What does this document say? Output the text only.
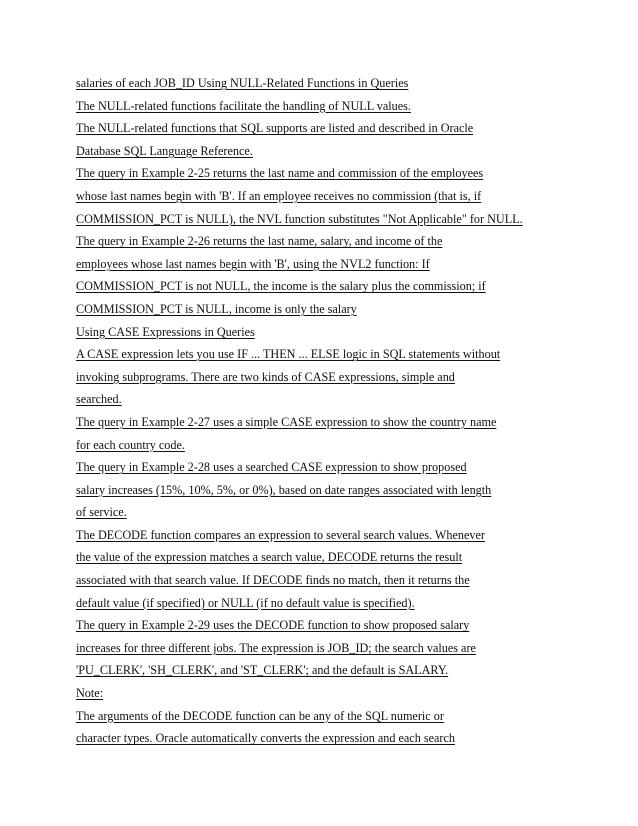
salaries of each JOB_ID Using NULL-Related Functions in Queries
The NULL-related functions facilitate the handling of NULL values.
The NULL-related functions that SQL supports are listed and described in Oracle
Database SQL Language Reference.
The query in Example 2-25 returns the last name and commission of the employees
whose last names begin with 'B'. If an employee receives no commission (that is, if
COMMISSION_PCT is NULL), the NVL function substitutes "Not Applicable" for NULL.
The query in Example 2-26 returns the last name, salary, and income of the
employees whose last names begin with 'B', using the NVL2 function: If
COMMISSION_PCT is not NULL, the income is the salary plus the commission; if
COMMISSION_PCT is NULL, income is only the salary
Using CASE Expressions in Queries
A CASE expression lets you use IF ... THEN ... ELSE logic in SQL statements without
invoking subprograms. There are two kinds of CASE expressions, simple and
searched.
The query in Example 2-27 uses a simple CASE expression to show the country name
for each country code.
The query in Example 2-28 uses a searched CASE expression to show proposed
salary increases (15%, 10%, 5%, or 0%), based on date ranges associated with length
of service.
The DECODE function compares an expression to several search values. Whenever
the value of the expression matches a search value, DECODE returns the result
associated with that search value. If DECODE finds no match, then it returns the
default value (if specified) or NULL (if no default value is specified).
The query in Example 2-29 uses the DECODE function to show proposed salary
increases for three different jobs. The expression is JOB_ID; the search values are
'PU_CLERK', 'SH_CLERK', and 'ST_CLERK'; and the default is SALARY.
Note:
The arguments of the DECODE function can be any of the SQL numeric or
character types. Oracle automatically converts the expression and each search
